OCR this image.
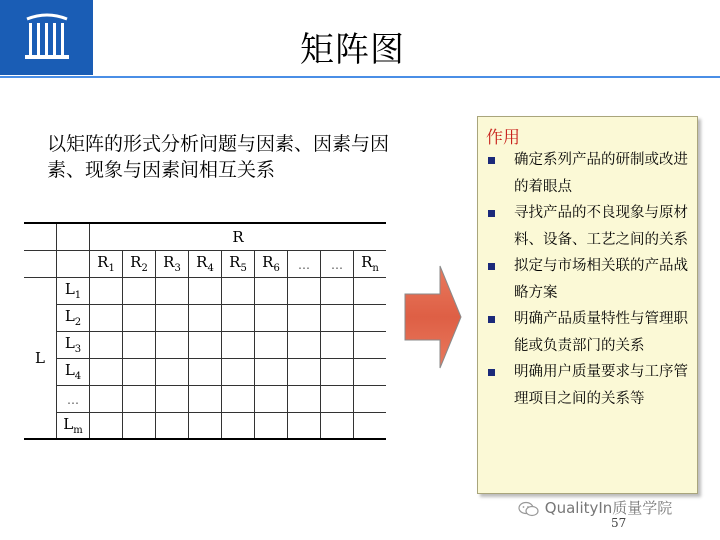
矩阵图
以矩阵的形式分析问题与因素、因素与因素、现象与因素间相互关系
		R								
		$R_1$	$R_2$	$R_3$	$R_4$	$R_5$	$R_6$	…	…	$R_n$
L	$L_1$									
	$L_2$									
	$L_3$									
	$L_4$									
	…									
	$L_m$									
作用
确定系列产品的研制或改进的着眼点
寻找产品的不良现象与原材料、设备、工艺之间的关系
拟定与市场相关联的产品战略方案
明确产品质量特性与管理职能或负责部门的关系
明确用户质量要求与工序管理项目之间的关系等
QualityIn质量学院
57
